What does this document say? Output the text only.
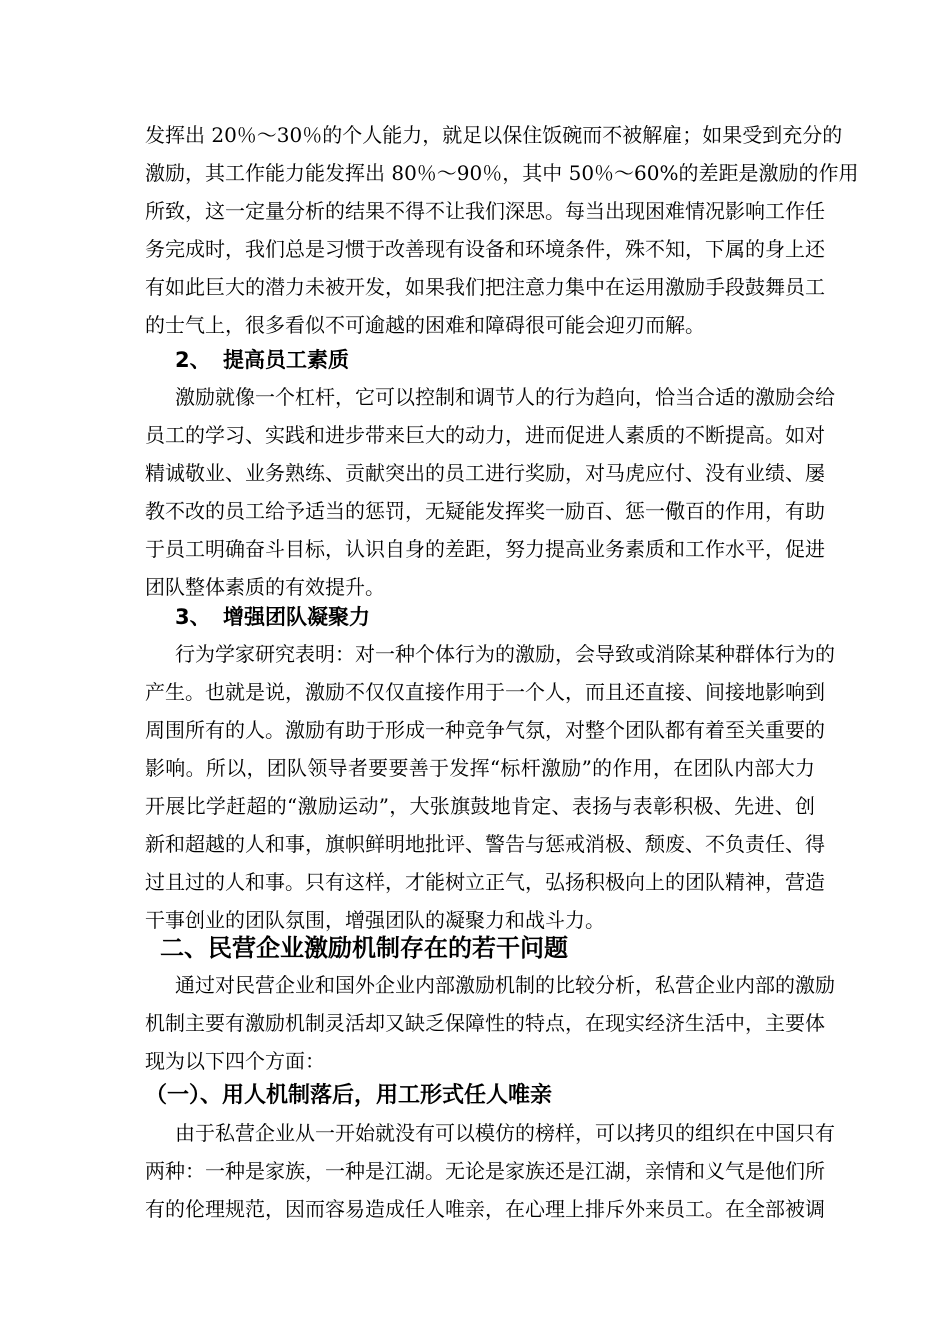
发挥出 20％～30％的个人能力，就足以保住饭碗而不被解雇；如果受到充分的
激励，其工作能力能发挥出 80％～90％，其中 50％～60%的差距是激励的作用
所致，这一定量分析的结果不得不让我们深思。每当出现困难情况影响工作任
务完成时，我们总是习惯于改善现有设备和环境条件，殊不知，下属的身上还
有如此巨大的潜力未被开发，如果我们把注意力集中在运用激励手段鼓舞员工
的士气上，很多看似不可逾越的困难和障碍很可能会迎刃而解。
2、 提高员工素质
激励就像一个杠杆，它可以控制和调节人的行为趋向，恰当合适的激励会给
员工的学习、实践和进步带来巨大的动力，进而促进人素质的不断提高。如对
精诚敬业、业务熟练、贡献突出的员工进行奖励，对马虎应付、没有业绩、屡
教不改的员工给予适当的惩罚，无疑能发挥奖一励百、惩一儆百的作用，有助
于员工明确奋斗目标，认识自身的差距，努力提高业务素质和工作水平，促进
团队整体素质的有效提升。
3、 增强团队凝聚力
行为学家研究表明：对一种个体行为的激励，会导致或消除某种群体行为的
产生。也就是说，激励不仅仅直接作用于一个人，而且还直接、间接地影响到
周围所有的人。激励有助于形成一种竞争气氛，对整个团队都有着至关重要的
影响。所以，团队领导者要要善于发挥“标杆激励”的作用，在团队内部大力
开展比学赶超的“激励运动”，大张旗鼓地肯定、表扬与表彰积极、先进、创
新和超越的人和事，旗帜鲜明地批评、警告与惩戒消极、颓废、不负责任、得
过且过的人和事。只有这样，才能树立正气，弘扬积极向上的团队精神，营造
干事创业的团队氛围，增强团队的凝聚力和战斗力。
二、民营企业激励机制存在的若干问题
通过对民营企业和国外企业内部激励机制的比较分析，私营企业内部的激励
机制主要有激励机制灵活却又缺乏保障性的特点，在现实经济生活中，主要体
现为以下四个方面：
（一）、用人机制落后，用工形式任人唯亲
由于私营企业从一开始就没有可以模仿的榜样，可以拷贝的组织在中国只有
两种：一种是家族，一种是江湖。无论是家族还是江湖，亲情和义气是他们所
有的伦理规范，因而容易造成任人唯亲，在心理上排斥外来员工。在全部被调
